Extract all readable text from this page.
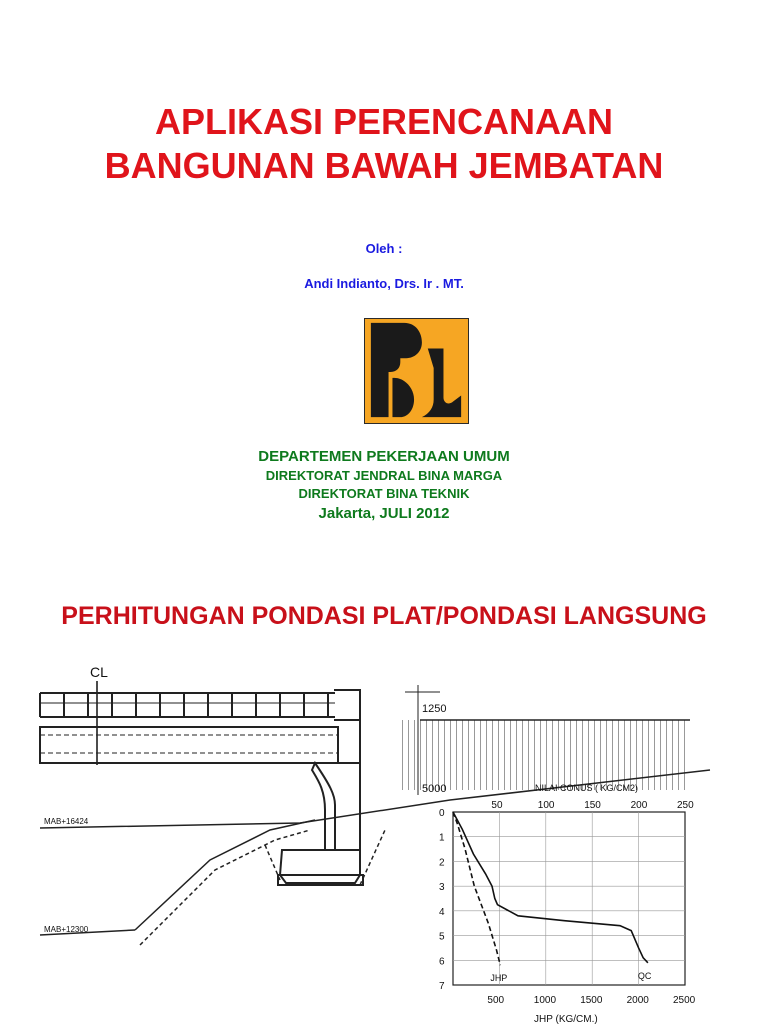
APLIKASI PERENCANAAN
BANGUNAN BAWAH JEMBATAN
Oleh :
Andi Indianto, Drs. Ir . MT.
DEPARTEMEN PEKERJAAN UMUM
DIREKTORAT JENDRAL BINA MARGA
DIREKTORAT BINA TEKNIK
Jakarta, JULI 2012
PERHITUNGAN PONDASI PLAT/PONDASI LANGSUNG
CL
1250
5000
MAB+16424
MAB+12300
0
1
2
3
4
5
6
7
50	100	150	200	250
500	1000 1500 2000 2500
NILAI CONUS ( KG/CM2)
JHP (KG/CM.)
QC
JHP
